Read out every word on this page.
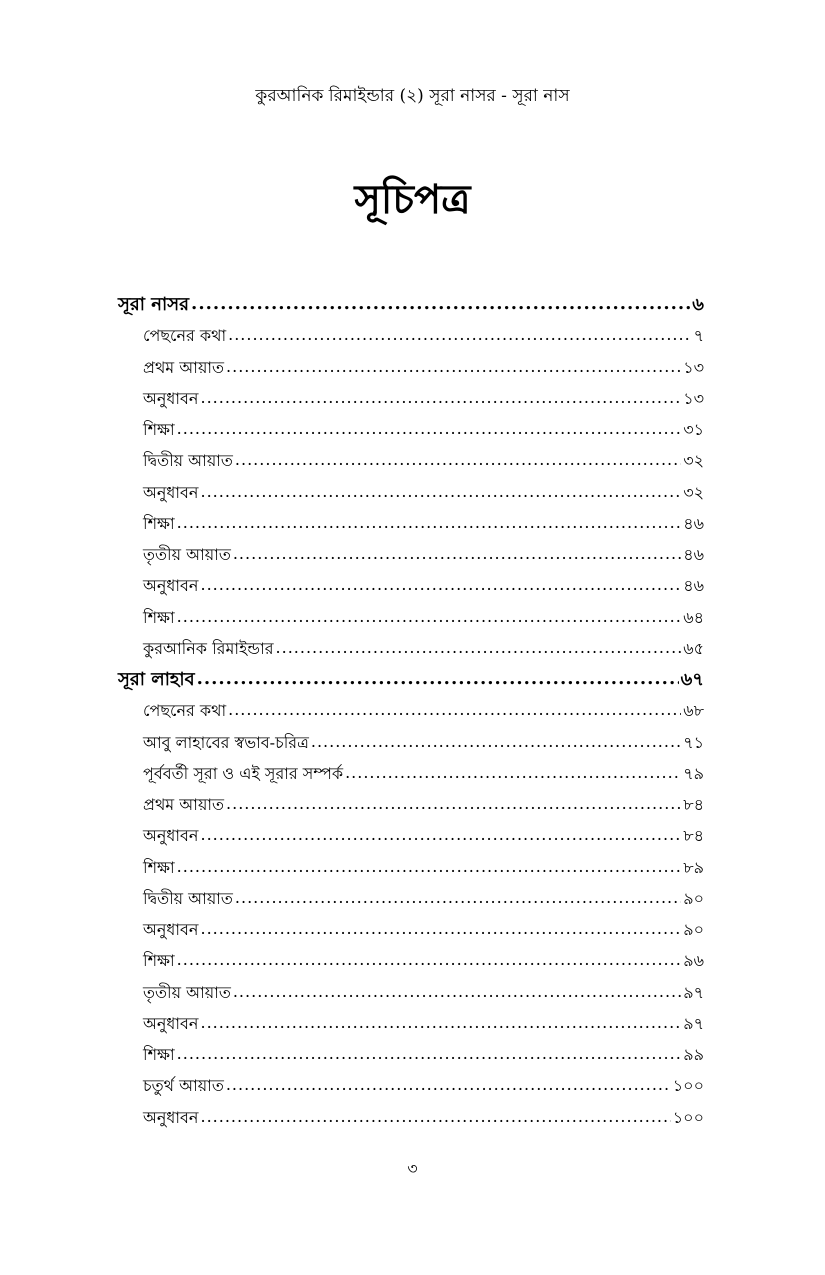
কুরআনিক রিমাইন্ডার (২) সূরা নাসর - সূরা নাস
সূচিপত্র
সূরা নাসর .....	৬
পেছনের কথা .....	৭
প্রথম আয়াত .....	১৩
অনুধাবন .....	১৩
শিক্ষা .....	৩১
দ্বিতীয় আয়াত .....	৩২
অনুধাবন .....	৩২
শিক্ষা .....	৪৬
তৃতীয় আয়াত .....	৪৬
অনুধাবন .....	৪৬
শিক্ষা .....	৬৪
কুরআনিক রিমাইন্ডার .....	৬৫
সূরা লাহাব .....	৬৭
পেছনের কথা .....	৬৮
আবু লাহাবের স্বভাব-চরিত্র .....	৭১
পূর্ববর্তী সূরা ও এই সূরার সম্পর্ক .....	৭৯
প্রথম আয়াত .....	৮৪
অনুধাবন .....	৮৪
শিক্ষা .....	৮৯
দ্বিতীয় আয়াত .....	৯০
অনুধাবন .....	৯০
শিক্ষা .....	৯৬
তৃতীয় আয়াত .....	৯৭
অনুধাবন .....	৯৭
শিক্ষা .....	৯৯
চতুর্থ আয়াত .....	১০০
অনুধাবন .....	১০০
৩
